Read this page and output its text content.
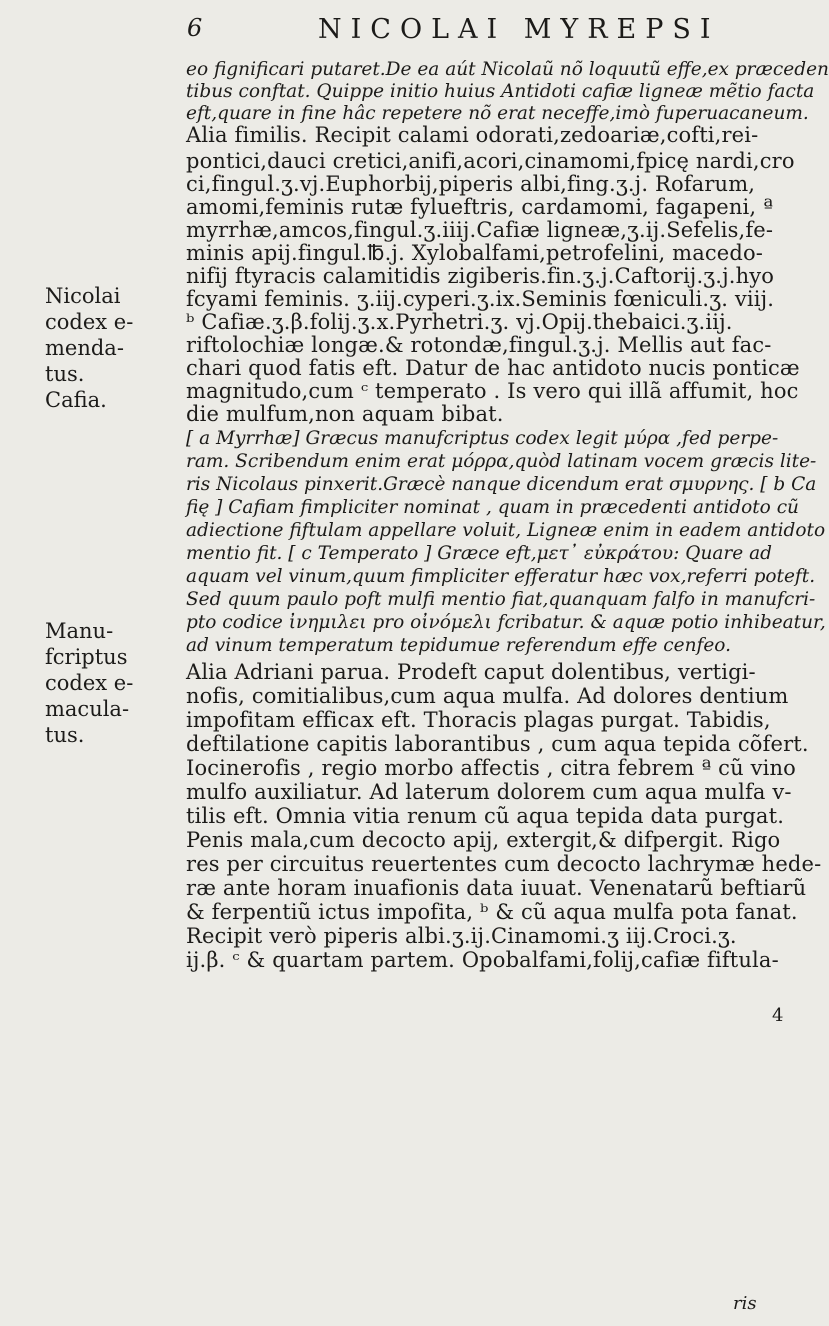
6	NICOLAI MYREPSI
eo fignificari putaret.De ea aút Nicolaũ nõ loquutũ effe,ex præceden
tibus conftat. Quippe initio huius Antidoti cafiæ ligneæ mẽtio facta
eft,quare in fine hâc repetere nõ erat neceffe,imò fuperuacaneum.
Alia fimilis. Recipit calami odorati,zedoariæ,cofti,rei-
pontici,dauci cretici,anifi,acori,cinamomi,fpicę nardi,cro
ci,fingul.ʒ.vj.Euphorbij,piperis albi,fing.ʒ.j. Rofarum,
amomi,feminis rutæ fylueftris, cardamomi, fagapeni, ª
myrrhæ,amcos,fingul.ʒ.iiij.Cafiæ ligneæ,ʒ.ij.Sefelis,fe-
minis apij.fingul.℔.j. Xylobalfami,petrofelini, macedo-
nifij ftyracis calamitidis zigiberis.fin.ʒ.j.Caftorij.ʒ.j.hyo
fcyami feminis. ʒ.iij.cyperi.ʒ.ix.Seminis fœniculi.ʒ. viij.
ᵇ Cafiæ.ʒ.β.folij.ʒ.x.Pyrhetri.ʒ. vj.Opij.thebaici.ʒ.iij.
riftolochiæ longæ.& rotondæ,fingul.ʒ.j. Mellis aut fac-
chari quod fatis eft. Datur de hac antidoto nucis ponticæ
magnitudo,cum ᶜ temperato . Is vero qui illã affumit, hoc
die mulfum,non aquam bibat.
[ a Myrrhæ] Græcus manufcriptus codex legit μύρα ,fed perpe-
ram. Scribendum enim erat μόρρα,quòd latinam vocem græcis lite-
ris Nicolaus pinxerit.Græcè nanque dicendum erat σμυρνης. [ b Ca
fię ] Cafiam fimpliciter nominat , quam in præcedenti antidoto cũ
adiectione fiftulam appellare voluit, Ligneæ enim in eadem antidoto
mentio fit. [ c Temperato ] Græce eft,μετ᾽ εὐκράτου: Quare ad
aquam vel vinum,quum fimpliciter efferatur hæc vox,referri poteft.
Sed quum paulo poft mulfi mentio fiat,quanquam falfo in manufcri-
pto codice ἰνημιλει pro οἰνόμελι fcribatur. & aquæ potio inhibeatur,
ad vinum temperatum tepidumue referendum effe cenfeo.
Alia Adriani parua. Prodeft caput dolentibus, vertigi-
nofis, comitialibus,cum aqua mulfa. Ad dolores dentium
impofitam efficax eft. Thoracis plagas purgat. Tabidis,
deftilatione capitis laborantibus , cum aqua tepida cõfert.
Iocinerofis , regio morbo affectis , citra febrem ª cũ vino
mulfo auxiliatur. Ad laterum dolorem cum aqua mulfa v-
tilis eft. Omnia vitia renum cũ aqua tepida data purgat.
Penis mala,cum decocto apij, extergit,& difpergit. Rigo
res per circuitus reuertentes cum decocto lachrymæ hede-
ræ ante horam inuafionis data iuuat. Venenatarũ beftiarũ
& ferpentiũ ictus impofita, ᵇ & cũ aqua mulfa pota fanat.
Recipit verò piperis albi.ʒ.ij.Cinamomi.ʒ iij.Croci.ʒ.
ij.β. ᶜ & quartam partem. Opobalfami,folij,cafiæ fiftula-
Nicolai
codex e-
menda-
tus.
Cafia.
Manu-
fcriptus
codex e-
macula-
tus.
4
ris
